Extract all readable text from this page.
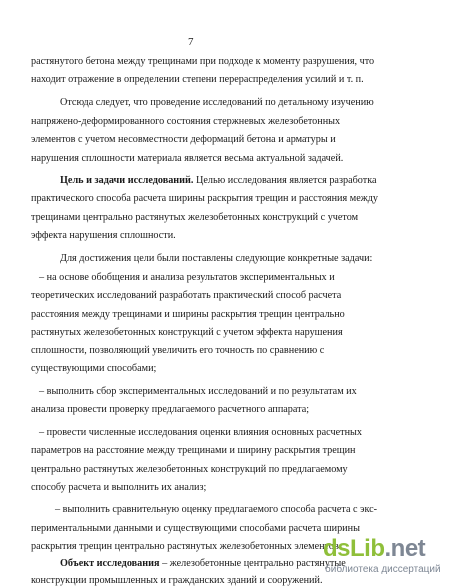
7
растянутого бетона между трещинами при подходе к моменту разрушения, что
находит отражение в определении степени перераспределения усилий и т. п.
Отсюда следует, что проведение исследований по детальному изучению
напряжено-деформированного состояния стержневых железобетонных
элементов с учетом несовместности деформаций бетона и арматуры и
нарушения сплошности материала является весьма актуальной задачей.
Цель и задачи исследований. Целью исследования является разработка
практического способа расчета ширины раскрытия трещин и расстояния между
трещинами центрально растянутых железобетонных конструкций с учетом
эффекта нарушения сплошности.
Для достижения цели были поставлены следующие конкретные задачи:
– на основе обобщения и анализа результатов экспериментальных и
теоретических исследований разработать практический способ расчета
расстояния между трещинами и ширины раскрытия трещин центрально
растянутых железобетонных конструкций с учетом эффекта нарушения
сплошности, позволяющий увеличить его точность по сравнению с
существующими способами;
– выполнить сбор экспериментальных исследований и по результатам их
анализа провести проверку предлагаемого расчетного аппарата;
– провести численные исследования оценки влияния основных расчетных
параметров на расстояние между трещинами и ширину раскрытия трещин
центрально растянутых железобетонных конструкций по предлагаемому
способу расчета и выполнить их анализ;
– выполнить сравнительную оценку предлагаемого способа расчета с экс-
периментальными данными и существующими способами расчета ширины
раскрытия трещин центрально растянутых железобетонных элементов.
Объект исследования – железобетонные центрально растянутые
конструкции промышленных и гражданских зданий и сооружений.
dsLib.net
библиотека диссертаций
